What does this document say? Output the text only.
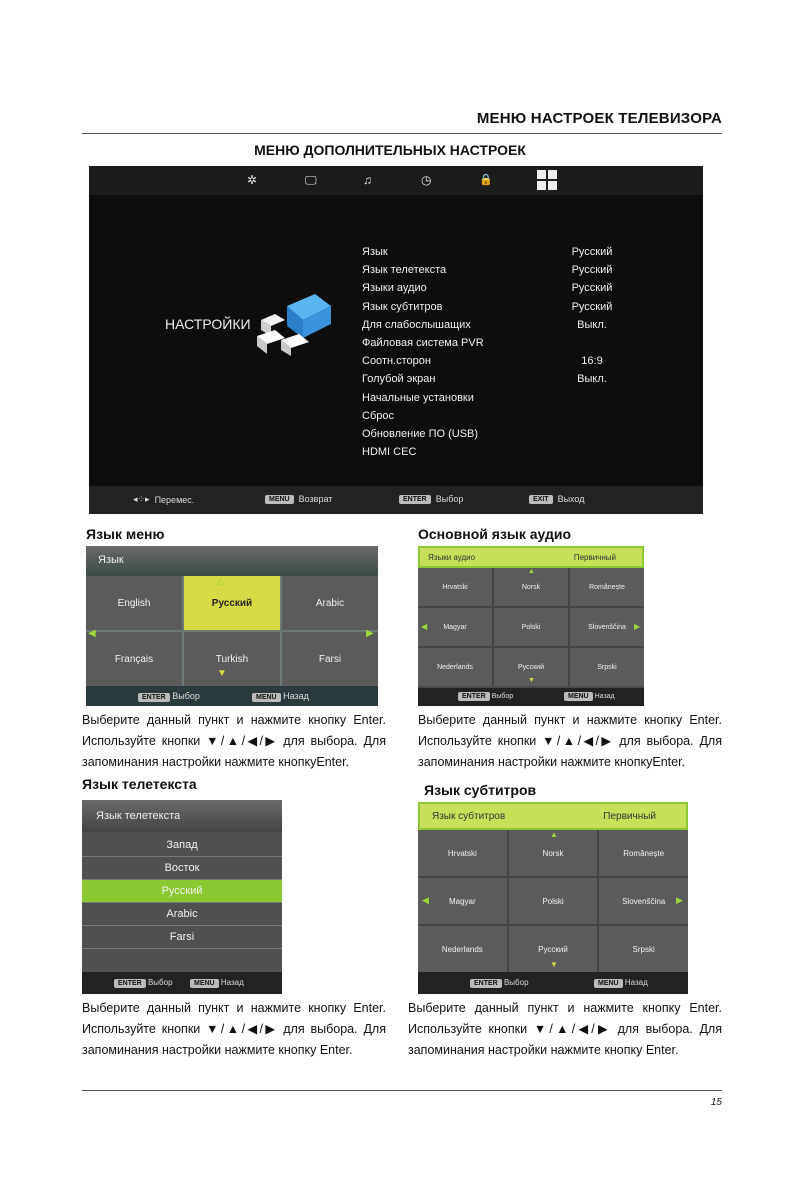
МЕНЮ НАСТРОЕК ТЕЛЕВИЗОРА
МЕНЮ ДОПОЛНИТЕЛЬНЫХ НАСТРОЕК
✲	🖵	♫	◷	🔒
НАСТРОЙКИ
Язык	Русский
Язык телетекста	Русский
Языки аудио	Русский
Язык субтитров	Русский
Для слабослышащих	Выкл.
Файловая система PVR
Соотн.сторон	16:9
Голубой экран	Выкл.
Начальные установки
Сброс
Обновление ПО (USB)
HDMI CEC
◂⁘▸ Перемес.	MENU	Возврат	ENTER	Выбор	EXIT	Выход
Язык меню
Язык
English	Русский	Arabic
Français	Turkish	Farsi
△
▼
◀	▶
ENTER Выбор	MENU Назад
Выберите данный пункт и нажмите кнопку Enter. Используйте кнопки ▼/▲/◀/▶ для выбора. Для запоминания настройки нажмите кнопкуEnter.
Основной язык аудио
Языки аудио	Первичный
Hrvatski	Norsk	Românește
Magyar	Polski	Slovenščina
Nederlands	Русский	Srpski
▲
▼
◀	▶
ENTER Выбор	MENU Назад
Выберите данный пункт и нажмите кнопку Enter. Используйте кнопки ▼/▲/◀/▶ для выбора. Для запоминания настройки нажмите кнопкуEnter.
Язык телетекста
Язык телетекста
Запад
Восток
Русский
Arabic
Farsi
ENTER Выбор	MENU Назад
Выберите данный пункт и нажмите кнопку Enter. Используйте кнопки ▼/▲/◀/▶ для выбора. Для запоминания настройки нажмите кнопку Enter.
Язык субтитров
Язык субтитров	Первичный
Hrvatski	Norsk	Românește
Magyar	Polski	Slovenščina
Nederlands	Русский	Srpski
▲
▼
◀	▶
ENTER Выбор	MENU Назад
Выберите данный пункт и нажмите кнопку Enter. Используйте кнопки ▼/▲/◀/▶ для выбора. Для запоминания настройки нажмите кнопку Enter.
15
